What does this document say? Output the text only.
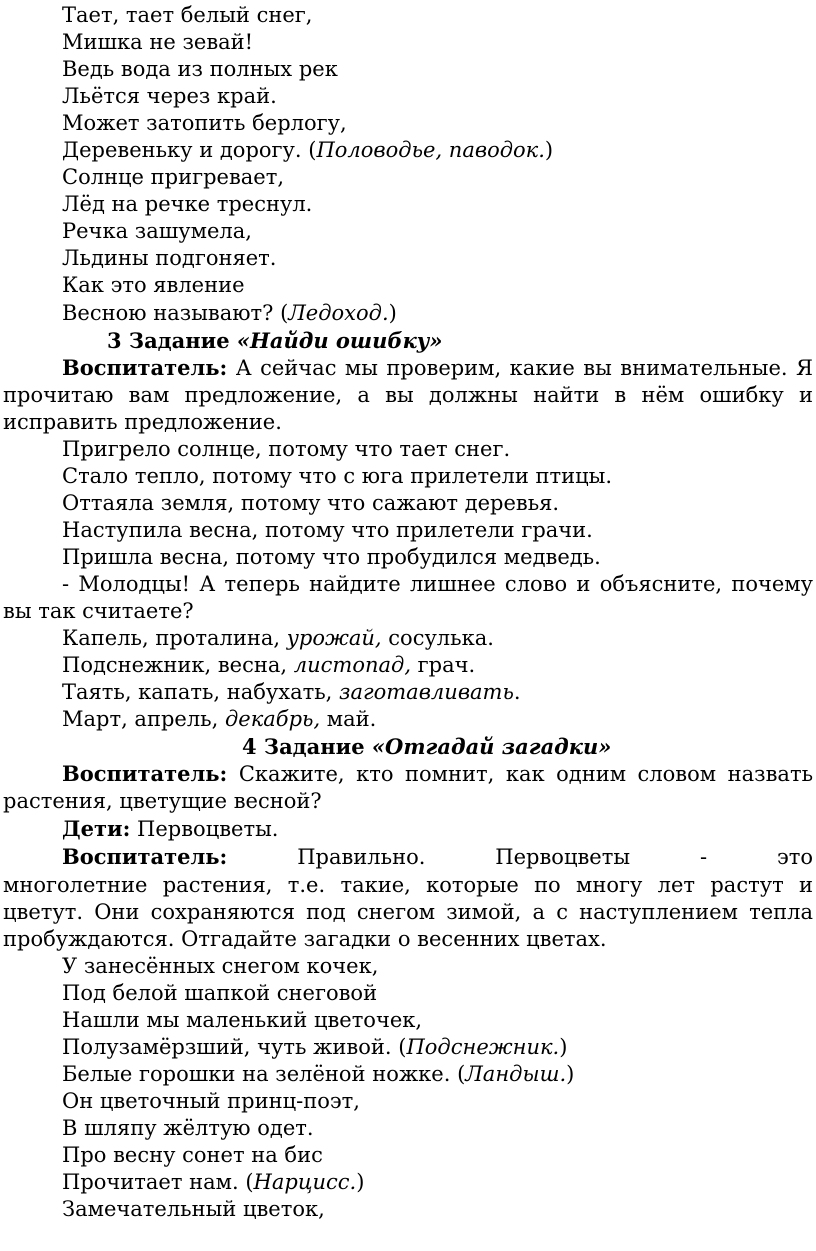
Тает, тает белый снег,
Мишка не зевай!
Ведь вода из полных рек
Льётся через край.
Может затопить берлогу,
Деревеньку и дорогу. (Половодье, паводок.)
Солнце пригревает,
Лёд на речке треснул.
Речка зашумела,
Льдины подгоняет.
Как это явление
Весною называют? (Ледоход.)
3 Задание «Найди ошибку»
Воспитатель: А сейчас мы проверим, какие вы внимательные. Я прочитаю вам предложение, а вы должны найти в нём ошибку и исправить предложение.
Пригрело солнце, потому что тает снег.
Стало тепло, потому что с юга прилетели птицы.
Оттаяла земля, потому что сажают деревья.
Наступила весна, потому что прилетели грачи.
Пришла весна, потому что пробудился медведь.
- Молодцы! А теперь найдите лишнее слово и объясните, почему вы так считаете?
Капель, проталина, урожай, сосулька.
Подснежник, весна, листопад, грач.
Таять, капать, набухать, заготавливать.
Март, апрель, декабрь, май.
4 Задание «Отгадай загадки»
Воспитатель: Скажите, кто помнит, как одним словом назвать растения, цветущие весной?
Дети: Первоцветы.
Воспитатель:	Правильно.	Первоцветы	-	это
многолетние растения, т.е. такие, которые по многу лет растут и цветут. Они сохраняются под снегом зимой, а с наступлением тепла пробуждаются. Отгадайте загадки о весенних цветах.
У занесённых снегом кочек,
Под белой шапкой снеговой
Нашли мы маленький цветочек,
Полузамёрзший, чуть живой. (Подснежник.)
Белые горошки на зелёной ножке. (Ландыш.)
Он цветочный принц-поэт,
В шляпу жёлтую одет.
Про весну сонет на бис
Прочитает нам. (Нарцисс.)
Замечательный цветок,
